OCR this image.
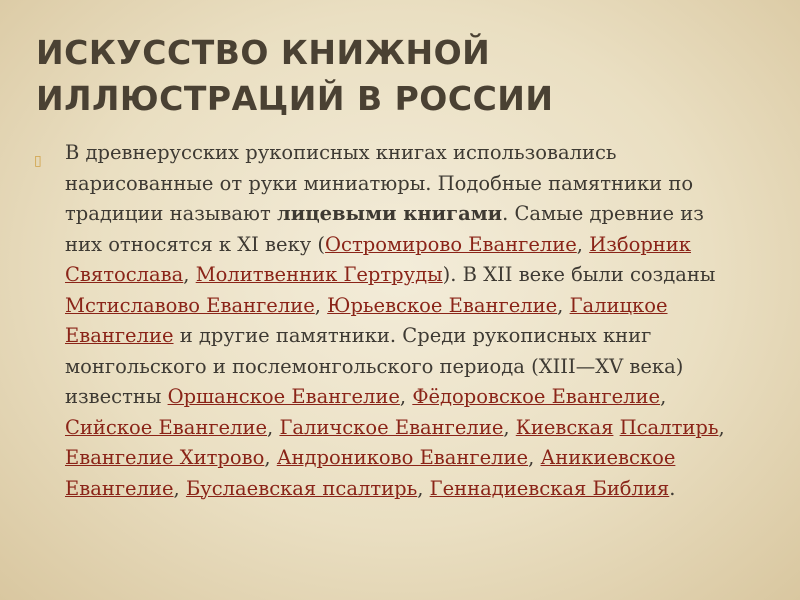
ИСКУССТВО КНИЖНОЙ
ИЛЛЮСТРАЦИЙ В РОССИИ
▯ В древнерусских рукописных книгах использовались
нарисованные от руки миниатюры. Подобные памятники по
традиции называют лицевыми книгами. Самые древние из
них относятся к XI веку (Остромирово Евангелие, Изборник
Святослава, Молитвенник Гертруды). В XII веке были созданы
Мстиславово Евангелие, Юрьевское Евангелие, Галицкое
Евангелие и другие памятники. Среди рукописных книг
монгольского и послемонгольского периода (XIII—XV века)
известны Оршанское Евангелие, Фёдоровское Евангелие,
Сийское Евангелие, Галичское Евангелие, Киевская Псалтирь,
Евангелие Хитрово, Андрониково Евангелие, Аникиевское
Евангелие, Буслаевская псалтирь, Геннадиевская Библия.
